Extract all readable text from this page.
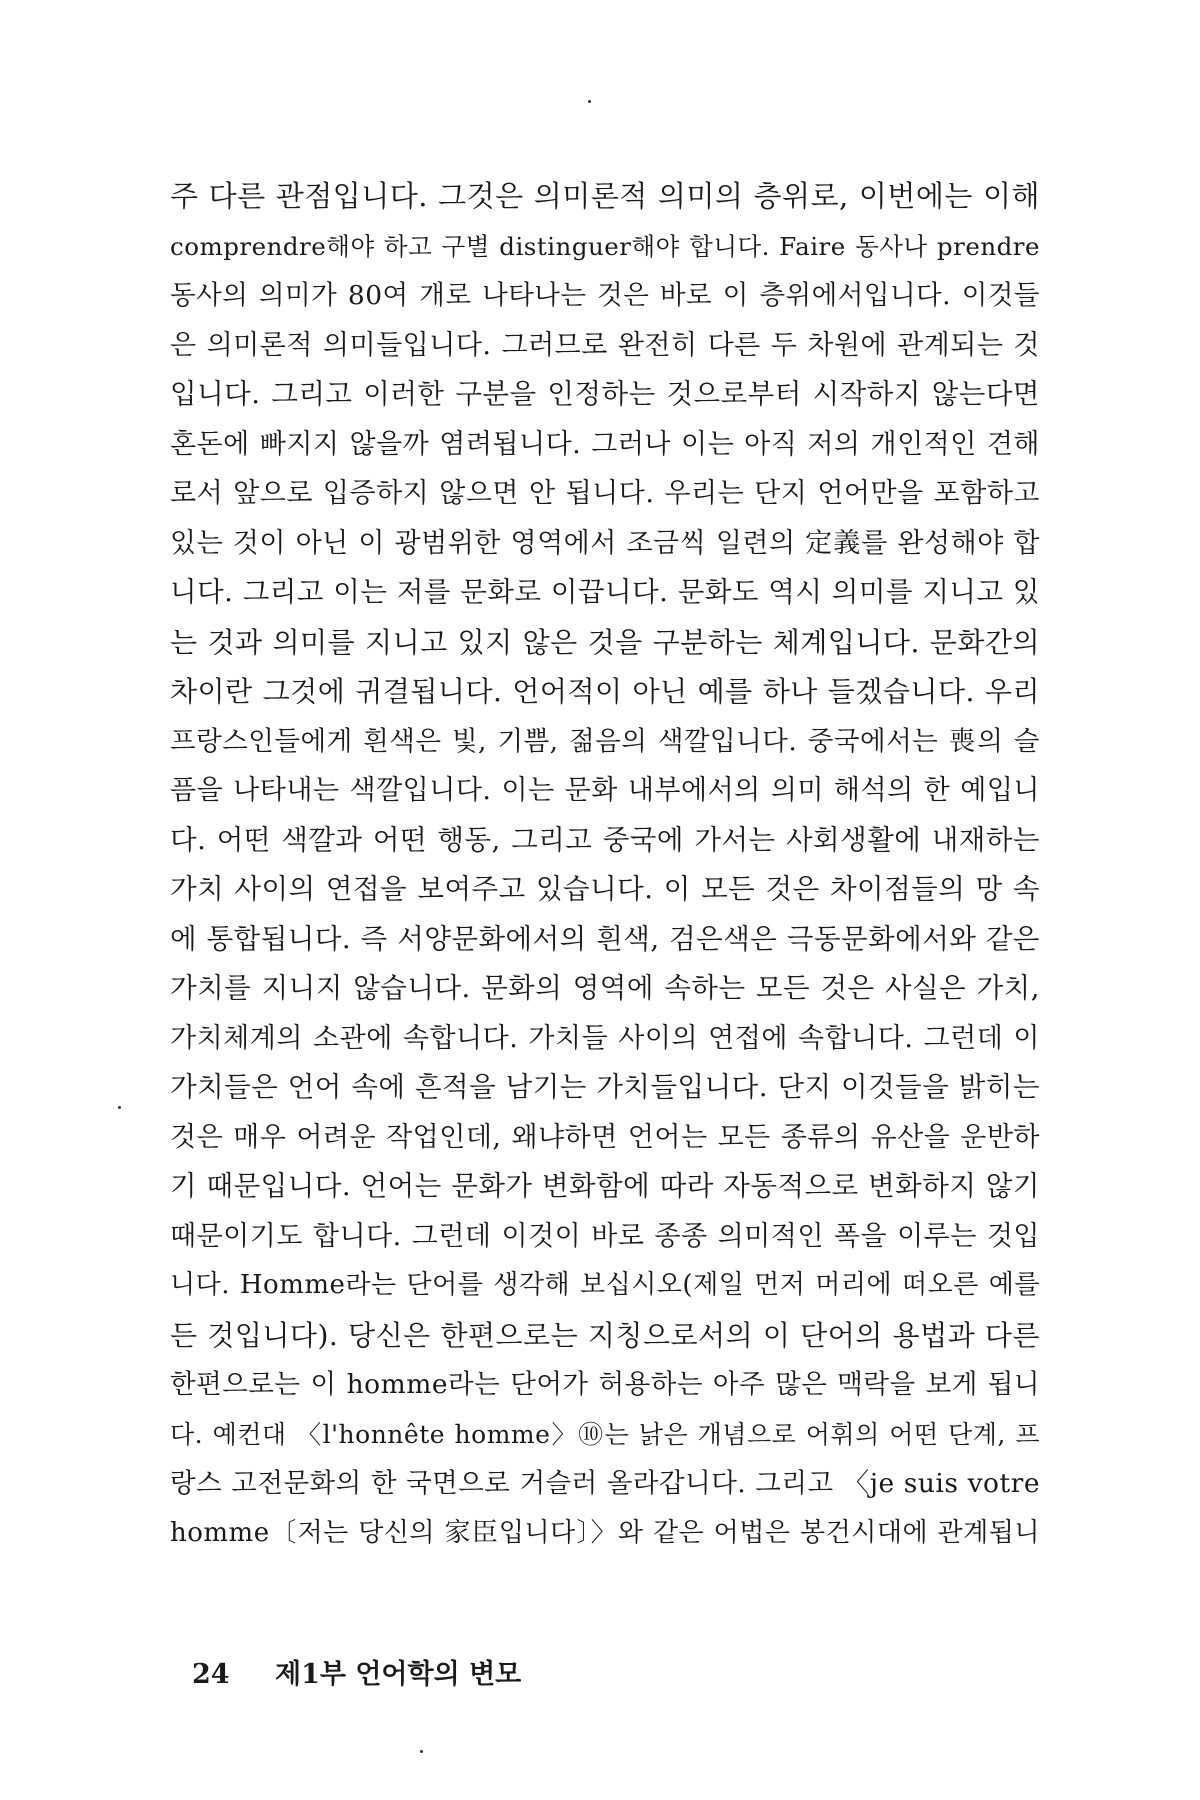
주 다른 관점입니다. 그것은 의미론적 의미의 층위로, 이번에는 이해
comprendre해야 하고 구별 distinguer해야 합니다. Faire 동사나 prendre
동사의 의미가 80여 개로 나타나는 것은 바로 이 층위에서입니다. 이것들
은 의미론적 의미들입니다. 그러므로 완전히 다른 두 차원에 관계되는 것
입니다. 그리고 이러한 구분을 인정하는 것으로부터 시작하지 않는다면
혼돈에 빠지지 않을까 염려됩니다. 그러나 이는 아직 저의 개인적인 견해
로서 앞으로 입증하지 않으면 안 됩니다. 우리는 단지 언어만을 포함하고
있는 것이 아닌 이 광범위한 영역에서 조금씩 일련의 定義를 완성해야 합
니다. 그리고 이는 저를 문화로 이끕니다. 문화도 역시 의미를 지니고 있
는 것과 의미를 지니고 있지 않은 것을 구분하는 체계입니다. 문화간의
차이란 그것에 귀결됩니다. 언어적이 아닌 예를 하나 들겠습니다. 우리
프랑스인들에게 흰색은 빛, 기쁨, 젊음의 색깔입니다. 중국에서는 喪의 슬
픔을 나타내는 색깔입니다. 이는 문화 내부에서의 의미 해석의 한 예입니
다. 어떤 색깔과 어떤 행동, 그리고 중국에 가서는 사회생활에 내재하는
가치 사이의 연접을 보여주고 있습니다. 이 모든 것은 차이점들의 망 속
에 통합됩니다. 즉 서양문화에서의 흰색, 검은색은 극동문화에서와 같은
가치를 지니지 않습니다. 문화의 영역에 속하는 모든 것은 사실은 가치,
가치체계의 소관에 속합니다. 가치들 사이의 연접에 속합니다. 그런데 이
가치들은 언어 속에 흔적을 남기는 가치들입니다. 단지 이것들을 밝히는
것은 매우 어려운 작업인데, 왜냐하면 언어는 모든 종류의 유산을 운반하
기 때문입니다. 언어는 문화가 변화함에 따라 자동적으로 변화하지 않기
때문이기도 합니다. 그런데 이것이 바로 종종 의미적인 폭을 이루는 것입
니다. Homme라는 단어를 생각해 보십시오(제일 먼저 머리에 떠오른 예를
든 것입니다). 당신은 한편으로는 지칭으로서의 이 단어의 용법과 다른
한편으로는 이 homme라는 단어가 허용하는 아주 많은 맥락을 보게 됩니
다. 예컨대 〈l'honnête homme〉⑩는 낡은 개념으로 어휘의 어떤 단계, 프
랑스 고전문화의 한 국면으로 거슬러 올라갑니다. 그리고 〈je suis votre
homme〔저는 당신의 家臣입니다〕〉와 같은 어법은 봉건시대에 관계됩니
24 제1부 언어학의 변모
